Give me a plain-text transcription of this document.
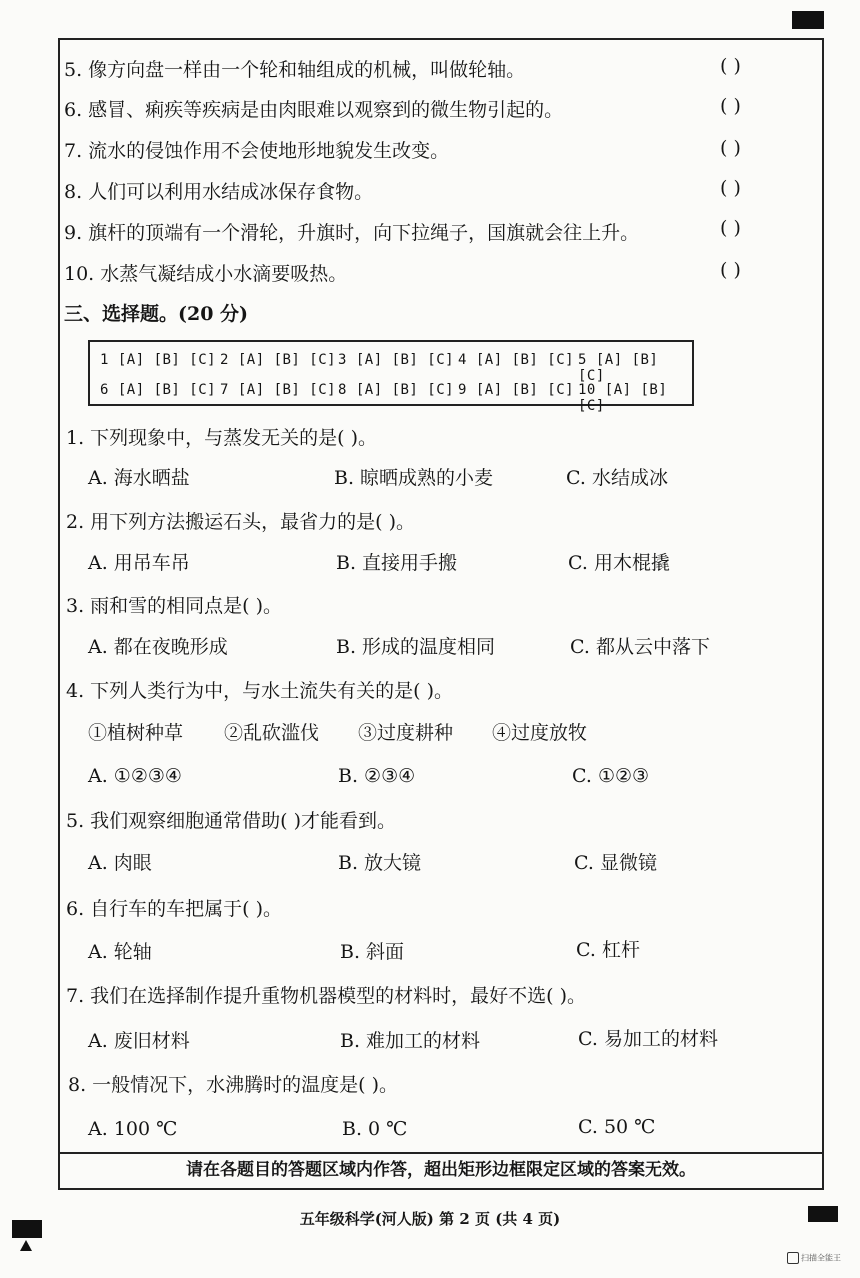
5. 像方向盘一样由一个轮和轴组成的机械，叫做轮轴。	( )
6. 感冒、痢疾等疾病是由肉眼难以观察到的微生物引起的。	( )
7. 流水的侵蚀作用不会使地形地貌发生改变。	( )
8. 人们可以利用水结成冰保存食物。	( )
9. 旗杆的顶端有一个滑轮，升旗时，向下拉绳子，国旗就会往上升。	( )
10. 水蒸气凝结成小水滴要吸热。	( )
三、选择题。(20 分)
1 [A] [B] [C] 2 [A] [B] [C] 3 [A] [B] [C] 4 [A] [B] [C] 5 [A] [B] [C]
6 [A] [B] [C] 7 [A] [B] [C] 8 [A] [B] [C] 9 [A] [B] [C] 10 [A] [B] [C]
1. 下列现象中，与蒸发无关的是( )。
A. 海水晒盐	B. 晾晒成熟的小麦	C. 水结成冰
2. 用下列方法搬运石头，最省力的是( )。
A. 用吊车吊	B. 直接用手搬	C. 用木棍撬
3. 雨和雪的相同点是( )。
A. 都在夜晚形成	B. 形成的温度相同	C. 都从云中落下
4. 下列人类行为中，与水土流失有关的是( )。
①植树种草 ②乱砍滥伐 ③过度耕种 ④过度放牧
A. ①②③④	B. ②③④	C. ①②③
5. 我们观察细胞通常借助( )才能看到。
A. 肉眼	B. 放大镜	C. 显微镜
6. 自行车的车把属于( )。
A. 轮轴	B. 斜面	C. 杠杆
7. 我们在选择制作提升重物机器模型的材料时，最好不选( )。
A. 废旧材料	B. 难加工的材料	C. 易加工的材料
8. 一般情况下，水沸腾时的温度是( )。
A. 100 ℃	B. 0 ℃	C. 50 ℃
请在各题目的答题区域内作答，超出矩形边框限定区域的答案无效。
五年级科学(河人版) 第 2 页 (共 4 页)
扫描全能王
